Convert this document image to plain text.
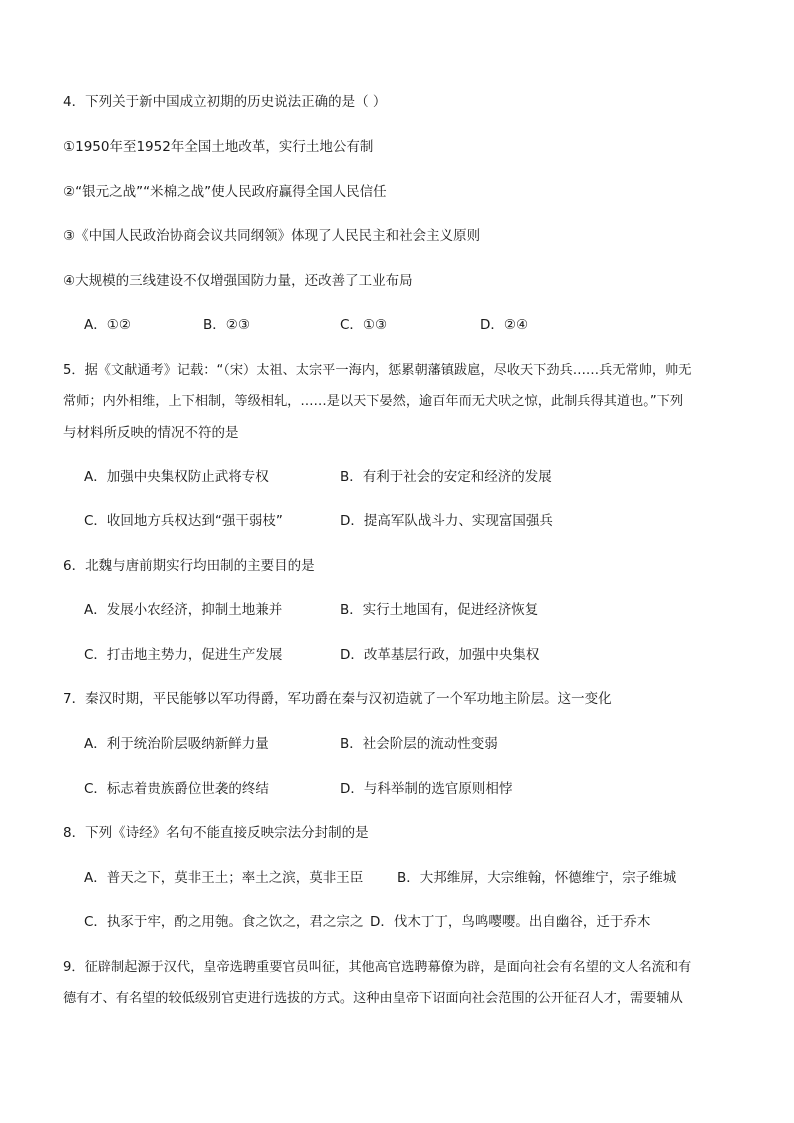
4．下列关于新中国成立初期的历史说法正确的是（ ）
①1950年至1952年全国土地改革，实行土地公有制
②“银元之战”“米棉之战”使人民政府赢得全国人民信任
③《中国人民政治协商会议共同纲领》体现了人民民主和社会主义原则
④大规模的三线建设不仅增强国防力量，还改善了工业布局
A．①②	B．②③	C．①③	D．②④
5．据《文献通考》记载：“（宋）太祖、太宗平一海内，惩累朝藩镇跋扈，尽收天下劲兵……兵无常帅，帅无
常师；内外相维，上下相制，等级相轧，……是以天下晏然，逾百年而无犬吠之惊，此制兵得其道也。”下列
与材料所反映的情况不符的是
A．加强中央集权防止武将专权	B．有利于社会的安定和经济的发展
C．收回地方兵权达到“强干弱枝”	D．提高军队战斗力、实现富国强兵
6．北魏与唐前期实行均田制的主要目的是
A．发展小农经济，抑制土地兼并	B．实行土地国有，促进经济恢复
C．打击地主势力，促进生产发展	D．改革基层行政，加强中央集权
7．秦汉时期，平民能够以军功得爵，军功爵在秦与汉初造就了一个军功地主阶层。这一变化
A．利于统治阶层吸纳新鲜力量	B．社会阶层的流动性变弱
C．标志着贵族爵位世袭的终结	D．与科举制的选官原则相悖
8．下列《诗经》名句不能直接反映宗法分封制的是
A．普天之下，莫非王土；率土之滨，莫非王臣	B．大邦维屏，大宗维翰，怀德维宁，宗子维城
C．执豕于牢，酌之用匏。食之饮之，君之宗之 D．伐木丁丁，鸟鸣嘤嘤。出自幽谷，迁于乔木
9．征辟制起源于汉代，皇帝选聘重要官员叫征，其他高官选聘幕僚为辟，是面向社会有名望的文人名流和有
德有才、有名望的较低级别官吏进行选拔的方式。这种由皇帝下诏面向社会范围的公开征召人才，需要辅从
